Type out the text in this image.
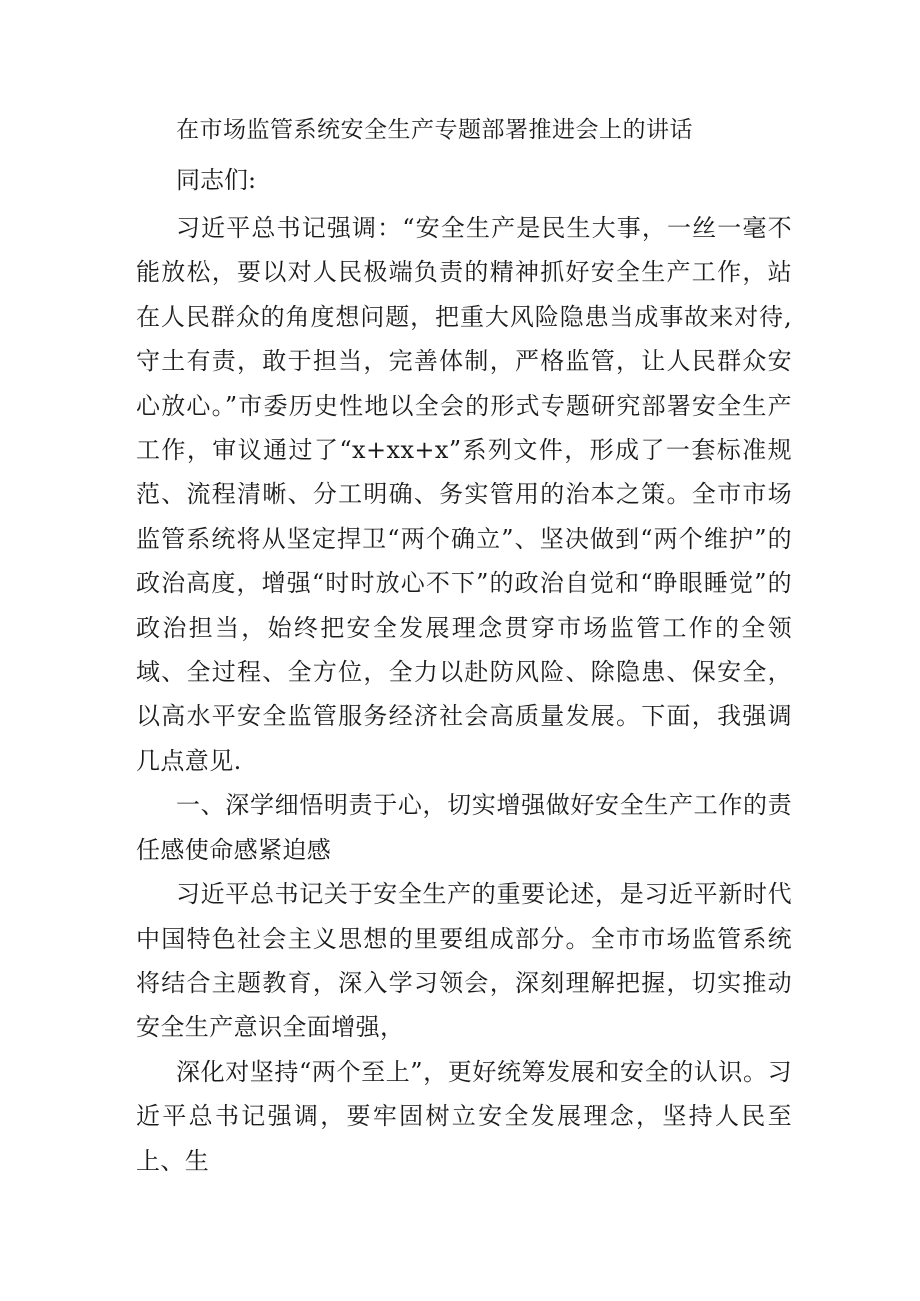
在市场监管系统安全生产专题部署推进会上的讲话
同志们:

习近平总书记强调：“安全生产是民生大事，一丝一毫不能放松，要以对人民极端负责的精神抓好安全生产工作，站在人民群众的角度想问题，把重大风险隐患当成事故来对待,守土有责，敢于担当，完善体制，严格监管，让人民群众安心放心。”市委历史性地以全会的形式专题研究部署安全生产工作，审议通过了“x+xx+x”系列文件，形成了一套标准规范、流程清晰、分工明确、务实管用的治本之策。全市市场监管系统将从坚定捍卫“两个确立”、坚决做到“两个维护”的政治高度，增强“时时放心不下”的政治自觉和“睁眼睡觉”的政治担当，始终把安全发展理念贯穿市场监管工作的全领域、全过程、全方位，全力以赴防风险、除隐患、保安全，以高水平安全监管服务经济社会高质量发展。下面，我强调几点意见.

一、深学细悟明责于心，切实增强做好安全生产工作的责任感使命感紧迫感

习近平总书记关于安全生产的重要论述，是习近平新时代中国特色社会主义思想的里要组成部分。全市市场监管系统将结合主题教育，深入学习领会，深刻理解把握，切实推动安全生产意识全面增强，

深化对坚持“两个至上”，更好统筹发展和安全的认识。习近平总书记强调，要牢固树立安全发展理念，坚持人民至上、生
